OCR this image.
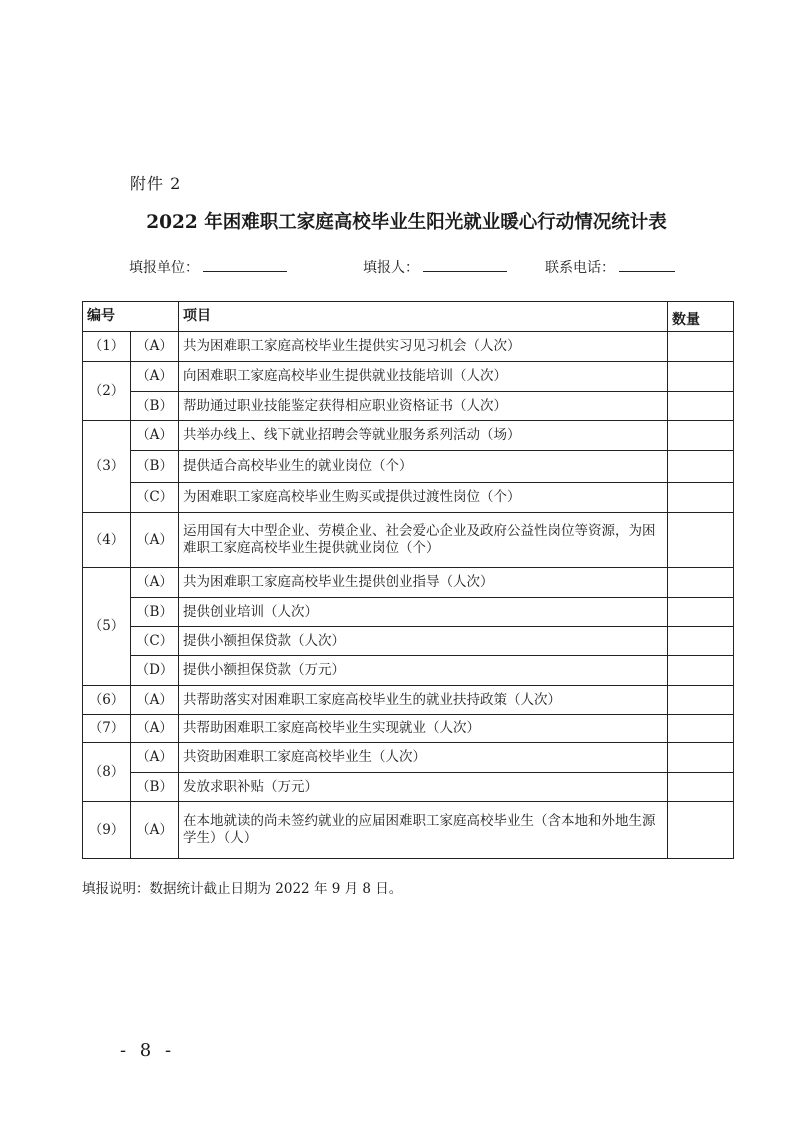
附件 2
2022 年困难职工家庭高校毕业生阳光就业暖心行动情况统计表
填报单位：	填报人：	联系电话：
编号		项目	数量
（1）	（A）	共为困难职工家庭高校毕业生提供实习见习机会（人次）	
（2）	（A）	向困难职工家庭高校毕业生提供就业技能培训（人次）	
	（B）	帮助通过职业技能鉴定获得相应职业资格证书（人次）	
（3）	（A）	共举办线上、线下就业招聘会等就业服务系列活动（场）	
	（B）	提供适合高校毕业生的就业岗位（个）	
	（C）	为困难职工家庭高校毕业生购买或提供过渡性岗位（个）	
（4）	（A）	运用国有大中型企业、劳模企业、社会爱心企业及政府公益性岗位等资源，为困难职工家庭高校毕业生提供就业岗位（个）	
（5）	（A）	共为困难职工家庭高校毕业生提供创业指导（人次）	
	（B）	提供创业培训（人次）	
	（C）	提供小额担保贷款（人次）	
	（D）	提供小额担保贷款（万元）	
（6）	（A）	共帮助落实对困难职工家庭高校毕业生的就业扶持政策（人次）	
（7）	（A）	共帮助困难职工家庭高校毕业生实现就业（人次）	
（8）	（A）	共资助困难职工家庭高校毕业生（人次）	
	（B）	发放求职补贴（万元）	
（9）	（A）	在本地就读的尚未签约就业的应届困难职工家庭高校毕业生（含本地和外地生源学生）（人）	
填报说明：数据统计截止日期为 2022 年 9 月 8 日。
- 8 -
